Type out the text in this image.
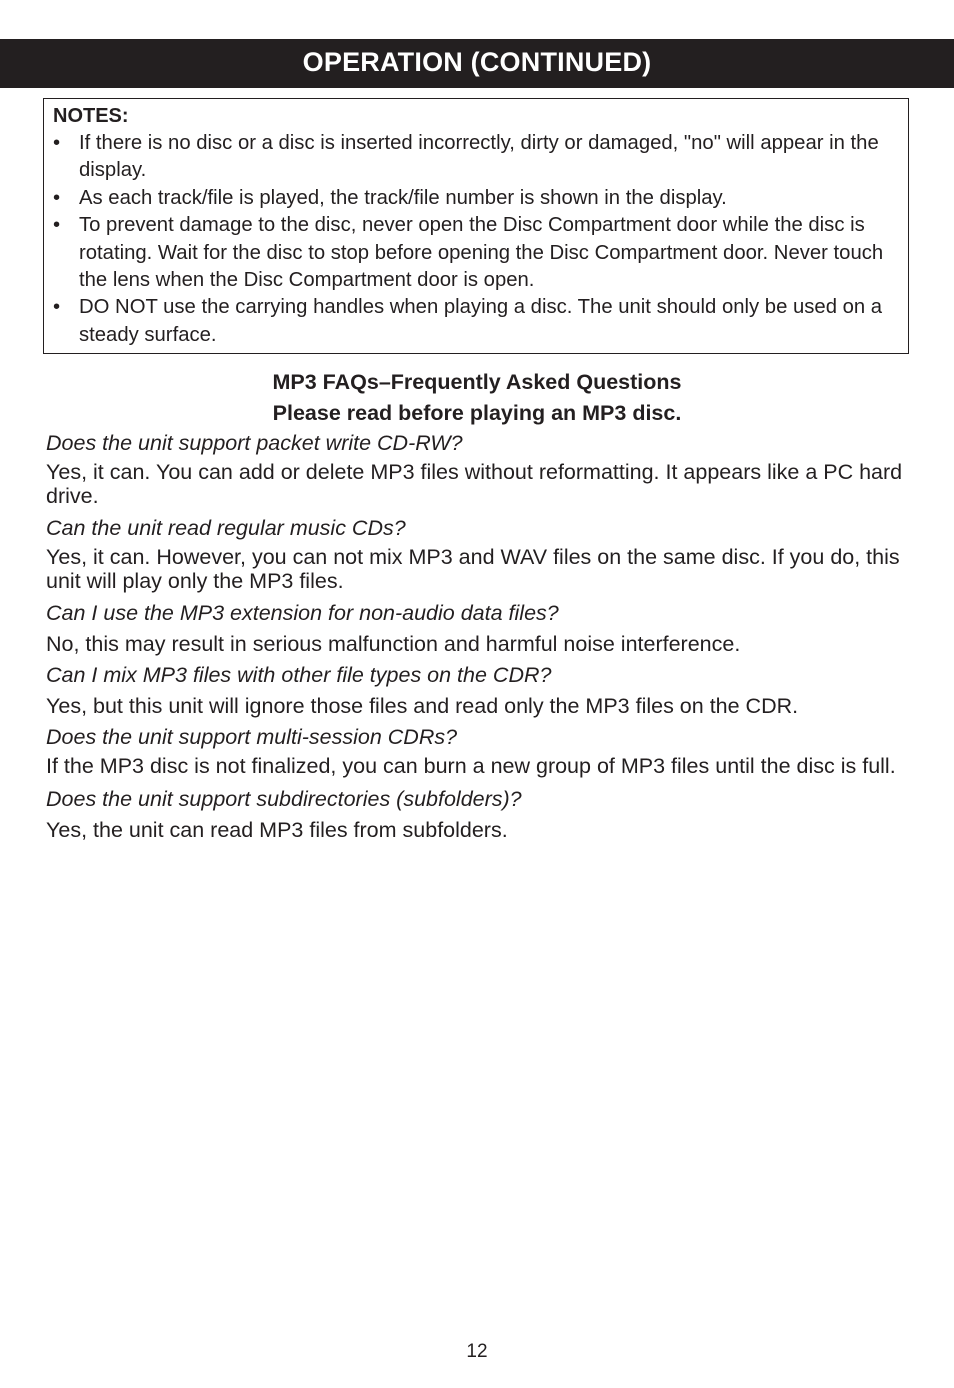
OPERATION (CONTINUED)
NOTES:
• If there is no disc or a disc is inserted incorrectly, dirty or damaged, "no" will appear in the display.
• As each track/file is played, the track/file number is shown in the display.
• To prevent damage to the disc, never open the Disc Compartment door while the disc is rotating. Wait for the disc to stop before opening the Disc Compartment door. Never touch the lens when the Disc Compartment door is open.
• DO NOT use the carrying handles when playing a disc. The unit should only be used on a steady surface.
MP3 FAQs–Frequently Asked Questions
Please read before playing an MP3 disc.
Does the unit support packet write CD-RW?
Yes, it can. You can add or delete MP3 files without reformatting. It appears like a PC hard drive.
Can the unit read regular music CDs?
Yes, it can. However, you can not mix MP3 and WAV files on the same disc. If you do, this unit will play only the MP3 files.
Can I use the MP3 extension for non-audio data files?
No, this may result in serious malfunction and harmful noise interference.
Can I mix MP3 files with other file types on the CDR?
Yes, but this unit will ignore those files and read only the MP3 files on the CDR.
Does the unit support multi-session CDRs?
If the MP3 disc is not finalized, you can burn a new group of MP3 files until the disc is full.
Does the unit support subdirectories (subfolders)?
Yes, the unit can read MP3 files from subfolders.
12
